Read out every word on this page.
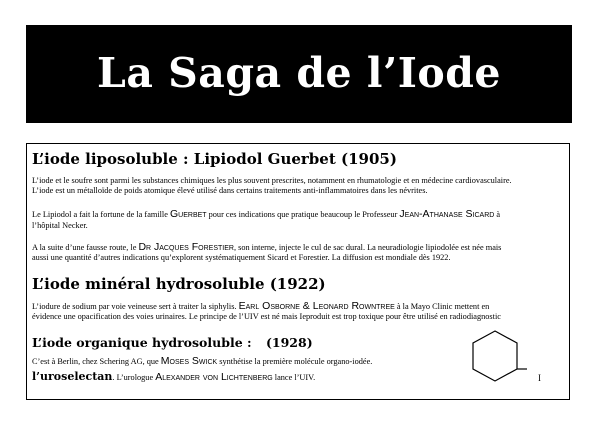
La Saga de l’Iode
L’iode liposoluble : Lipiodol Guerbet (1905)
L’iode et le soufre sont parmi les substances chimiques les plus souvent prescrites, notamment en rhumatologie et en médecine cardiovasculaire.
L’iode est un métalloïde de poids atomique élevé utilisé dans certains traitements anti-inflammatoires dans les névrites.
Le Lipiodol a fait la fortune de la famille Guerbet pour ces indications que pratique beaucoup le Professeur Jean-Athanase Sicard à
l’hôpital Necker.
A la suite d’une fausse route, le Dr Jacques Forestier, son interne, injecte le cul de sac dural. La neuradiologie lipiodolée est née mais
aussi une quantité d’autres indications qu’explorent systématiquement Sicard et Forestier. La diffusion est mondiale dès 1922.
L’iode minéral hydrosoluble (1922)
L’iodure de sodium par voie veineuse sert à traiter la siphylis. Earl Osborne & Leonard Rowntree à la Mayo Clinic mettent en
évidence une opacification des voies urinaires. Le principe de l’UIV est né mais Ieproduit est trop toxique pour être utilisé en radiodiagnostic
L’iode organique hydrosoluble : (1928)
C’est à Berlin, chez Schering AG, que Moses Swick synthétise la première molécule organo-iodée.
l’uroselectan. L’urologue Alexander von Lichtenberg lance l’UIV.	I
